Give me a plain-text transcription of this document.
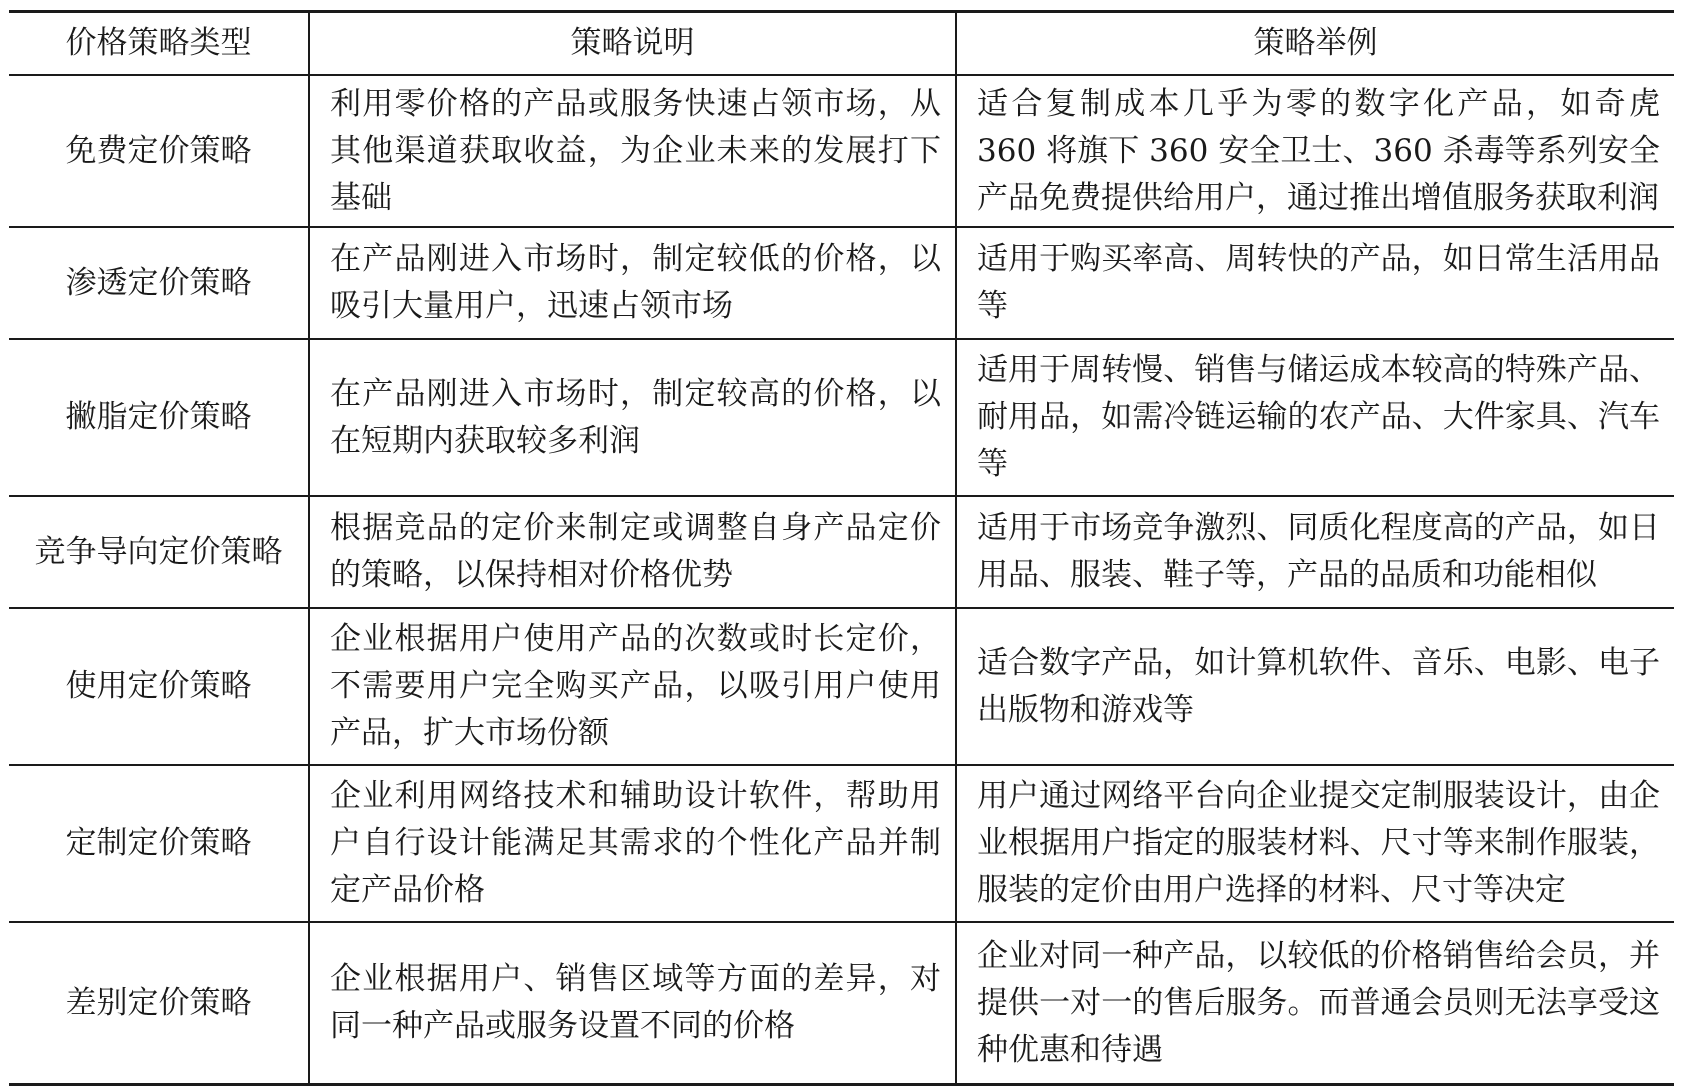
价格策略类型	策略说明	策略举例
免费定价策略	利用零价格的产品或服务快速占领市场，从其他渠道获取收益，为企业未来的发展打下基础	适合复制成本几乎为零的数字化产品，如奇虎 360 将旗下 360 安全卫士、360 杀毒等系列安全产品免费提供给用户，通过推出增值服务获取利润
渗透定价策略	在产品刚进入市场时，制定较低的价格，以吸引大量用户，迅速占领市场	适用于购买率高、周转快的产品，如日常生活用品等
撇脂定价策略	在产品刚进入市场时，制定较高的价格，以在短期内获取较多利润	适用于周转慢、销售与储运成本较高的特殊产品、耐用品，如需冷链运输的农产品、大件家具、汽车等
竞争导向定价策略	根据竞品的定价来制定或调整自身产品定价的策略，以保持相对价格优势	适用于市场竞争激烈、同质化程度高的产品，如日用品、服装、鞋子等，产品的品质和功能相似
使用定价策略	企业根据用户使用产品的次数或时长定价，不需要用户完全购买产品，以吸引用户使用产品，扩大市场份额	适合数字产品，如计算机软件、音乐、电影、电子出版物和游戏等
定制定价策略	企业利用网络技术和辅助设计软件，帮助用户自行设计能满足其需求的个性化产品并制定产品价格	用户通过网络平台向企业提交定制服装设计，由企业根据用户指定的服装材料、尺寸等来制作服装，服装的定价由用户选择的材料、尺寸等决定
差别定价策略	企业根据用户、销售区域等方面的差异，对同一种产品或服务设置不同的价格	企业对同一种产品，以较低的价格销售给会员，并提供一对一的售后服务。而普通会员则无法享受这种优惠和待遇
